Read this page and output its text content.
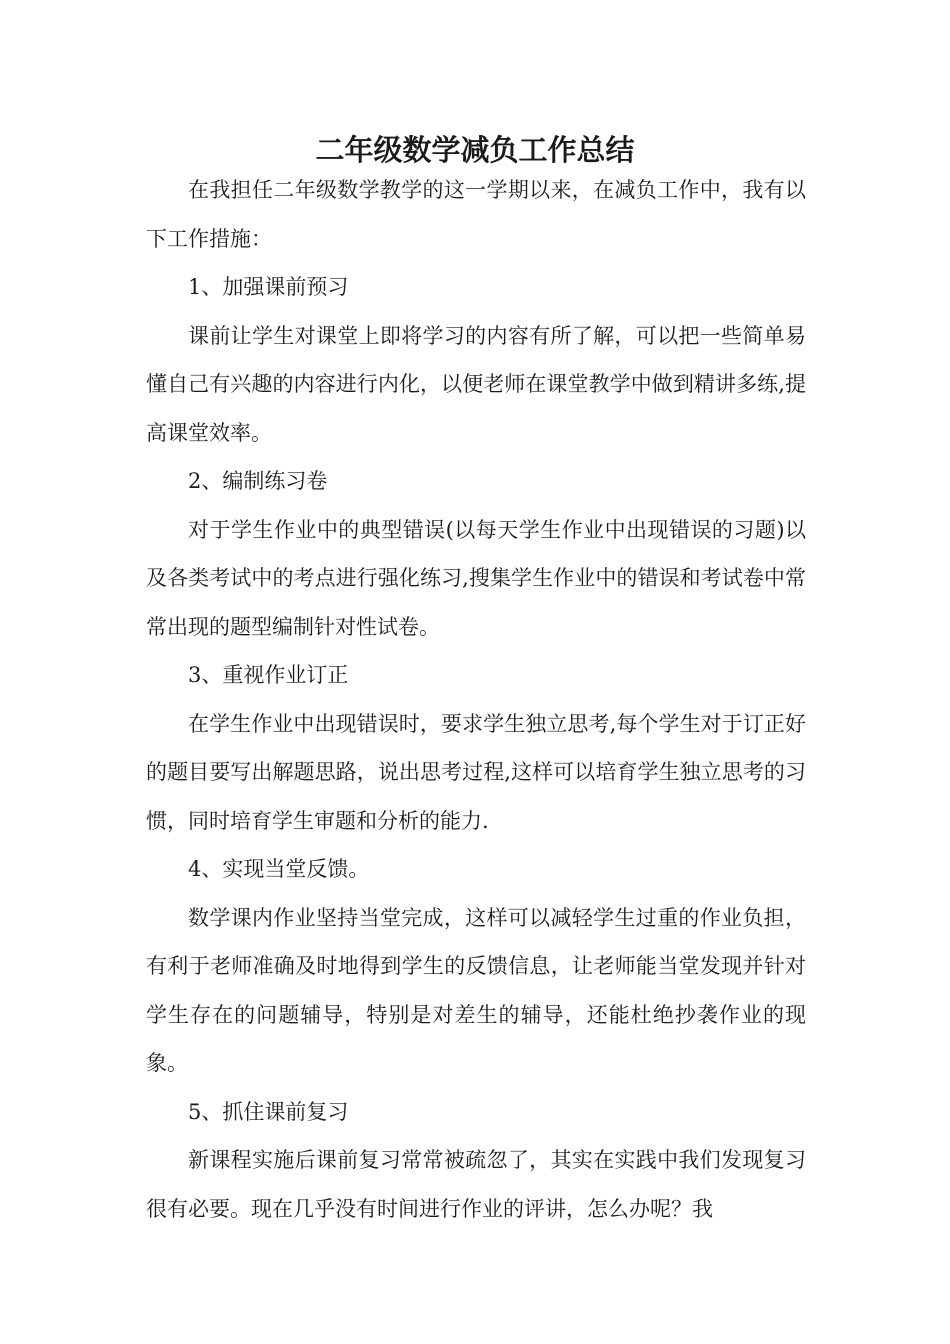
二年级数学减负工作总结

在我担任二年级数学教学的这一学期以来，在减负工作中，我有以下工作措施：

1、加强课前预习

课前让学生对课堂上即将学习的内容有所了解，可以把一些简单易懂自己有兴趣的内容进行内化，以便老师在课堂教学中做到精讲多练,提高课堂效率。

2、编制练习卷

对于学生作业中的典型错误(以每天学生作业中出现错误的习题)以及各类考试中的考点进行强化练习,搜集学生作业中的错误和考试卷中常常出现的题型编制针对性试卷。

3、重视作业订正

在学生作业中出现错误时，要求学生独立思考,每个学生对于订正好的题目要写出解题思路，说出思考过程,这样可以培育学生独立思考的习惯，同时培育学生审题和分析的能力.

4、实现当堂反馈。

数学课内作业坚持当堂完成，这样可以减轻学生过重的作业负担，有利于老师准确及时地得到学生的反馈信息，让老师能当堂发现并针对学生存在的问题辅导，特别是对差生的辅导，还能杜绝抄袭作业的现象。

5、抓住课前复习

新课程实施后课前复习常常被疏忽了，其实在实践中我们发现复习很有必要。现在几乎没有时间进行作业的评讲，怎么办呢？我
